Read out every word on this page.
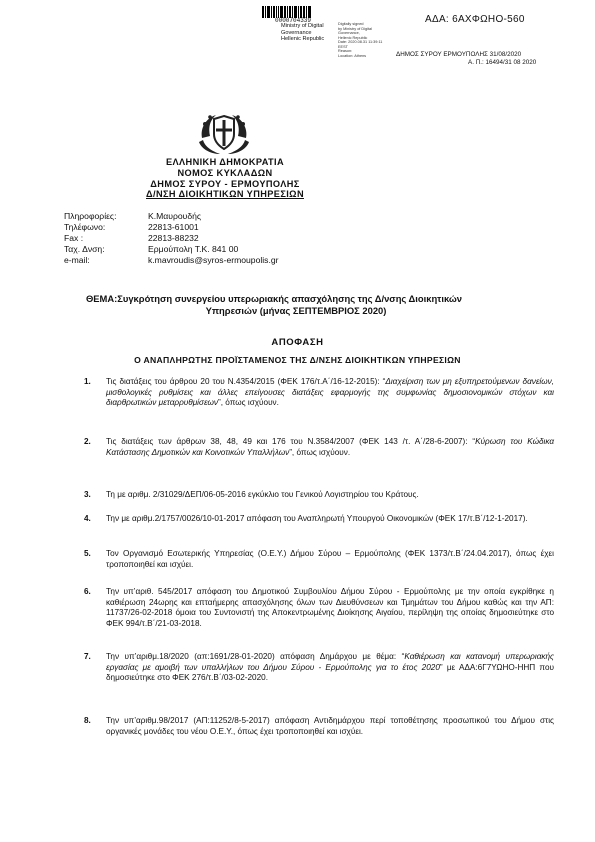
0000704339
Ministry of Digital
Governance
Hellenic Republic
Digitally signed
by Ministry of Digital
Governance,
Hellenic Republic
Date: 2020.08.31 11:39:11
EEST
Reason:
Location: Athens
ΑΔΑ: 6ΑΧΦΩΗΟ-560
ΔΗΜΟΣ ΣΥΡΟΥ ΕΡΜΟΥΠΟΛΗΣ 31/08/2020
Α. Π.: 16494/31 08 2020
ΕΛΛΗΝΙΚΗ ΔΗΜΟΚΡΑΤΙΑ
ΝΟΜΟΣ ΚΥΚΛΑΔΩΝ
ΔΗΜΟΣ ΣΥΡΟΥ - ΕΡΜΟΥΠΟΛΗΣ
Δ/ΝΣΗ ΔΙΟΙΚΗΤΙΚΩΝ ΥΠΗΡΕΣΙΩΝ
Πληροφορίες:	Κ.Μαυρουδής
Τηλέφωνο:	22813-61001
Fax :	22813-88232
Ταχ. Δνση:	Ερμούπολη Τ.Κ. 841 00
e-mail:	k.mavroudis@syros-ermoupolis.gr
ΘΕΜΑ:Συγκρότηση συνεργείου υπερωριακής απασχόλησης της Δ/νσης Διοικητικών
Υπηρεσιών (μήνας ΣΕΠΤΕΜΒΡΙΟΣ 2020)
ΑΠΟΦΑΣΗ
Ο ΑΝΑΠΛΗΡΩΤΗΣ ΠΡΟΪΣΤΑΜΕΝΟΣ ΤΗΣ Δ/ΝΣΗΣ ΔΙΟΙΚΗΤΙΚΩΝ ΥΠΗΡΕΣΙΩΝ
1.	Τις διατάξεις του άρθρου 20 του Ν.4354/2015 (ΦΕΚ 176/τ.Α΄/16-12-2015): “Διαχείριση των μη εξυπηρετούμενων δανείων, μισθολογικές ρυθμίσεις και άλλες επείγουσες διατάξεις εφαρμογής της συμφωνίας δημοσιονομικών στόχων και διαρθρωτικών μεταρρυθμίσεων”, όπως ισχύουν.
2.	Τις διατάξεις των άρθρων 38, 48, 49 και 176 του Ν.3584/2007 (ΦΕΚ 143 /τ. Α΄/28-6-2007): “Κύρωση του Κώδικα Κατάστασης Δημοτικών και Κοινοτικών Υπαλλήλων”, όπως ισχύουν.
3.	Τη με αριθμ. 2/31029/ΔΕΠ/06-05-2016 εγκύκλιο του Γενικού Λογιστηρίου του Κράτους.
4.	Την με αριθμ.2/1757/0026/10-01-2017 απόφαση του Αναπληρωτή Υπουργού Οικονομικών (ΦΕΚ 17/τ.Β΄/12-1-2017).
5.	Τον Οργανισμό Εσωτερικής Υπηρεσίας (Ο.Ε.Υ.) Δήμου Σύρου – Ερμούπολης (ΦΕΚ 1373/τ.Β΄/24.04.2017), όπως έχει τροποποιηθεί και ισχύει.
6.	Την υπ’αριθ. 545/2017 απόφαση του Δημοτικού Συμβουλίου Δήμου Σύρου - Ερμούπολης με την οποία εγκρίθηκε η καθιέρωση 24ωρης και επταήμερης απασχόλησης όλων των Διευθύνσεων και Τμημάτων του Δήμου καθώς και την ΑΠ: 11737/26-02-2018 όμοια του Συντονιστή της Αποκεντρωμένης Διοίκησης Αιγαίου, περίληψη της οποίας δημοσιεύτηκε στο ΦΕΚ 994/τ.Β΄/21-03-2018.
7.	Την υπ’αριθμ.18/2020 (απ:1691/28-01-2020) απόφαση Δημάρχου με θέμα: “Καθιέρωση και κατανομή υπερωριακής εργασίας με αμοιβή των υπαλλήλων του Δήμου Σύρου - Ερμούπολης για το έτος 2020” με ΑΔΑ:6Γ7ΥΩΗΟ-ΗΗΠ που δημοσιεύτηκε στο ΦΕΚ 276/τ.Β΄/03-02-2020.
8.	Την υπ’αριθμ.98/2017 (ΑΠ:11252/8-5-2017) απόφαση Αντιδημάρχου περί τοποθέτησης προσωπικού του Δήμου στις οργανικές μονάδες του νέου Ο.Ε.Υ., όπως έχει τροποποιηθεί και ισχύει.
